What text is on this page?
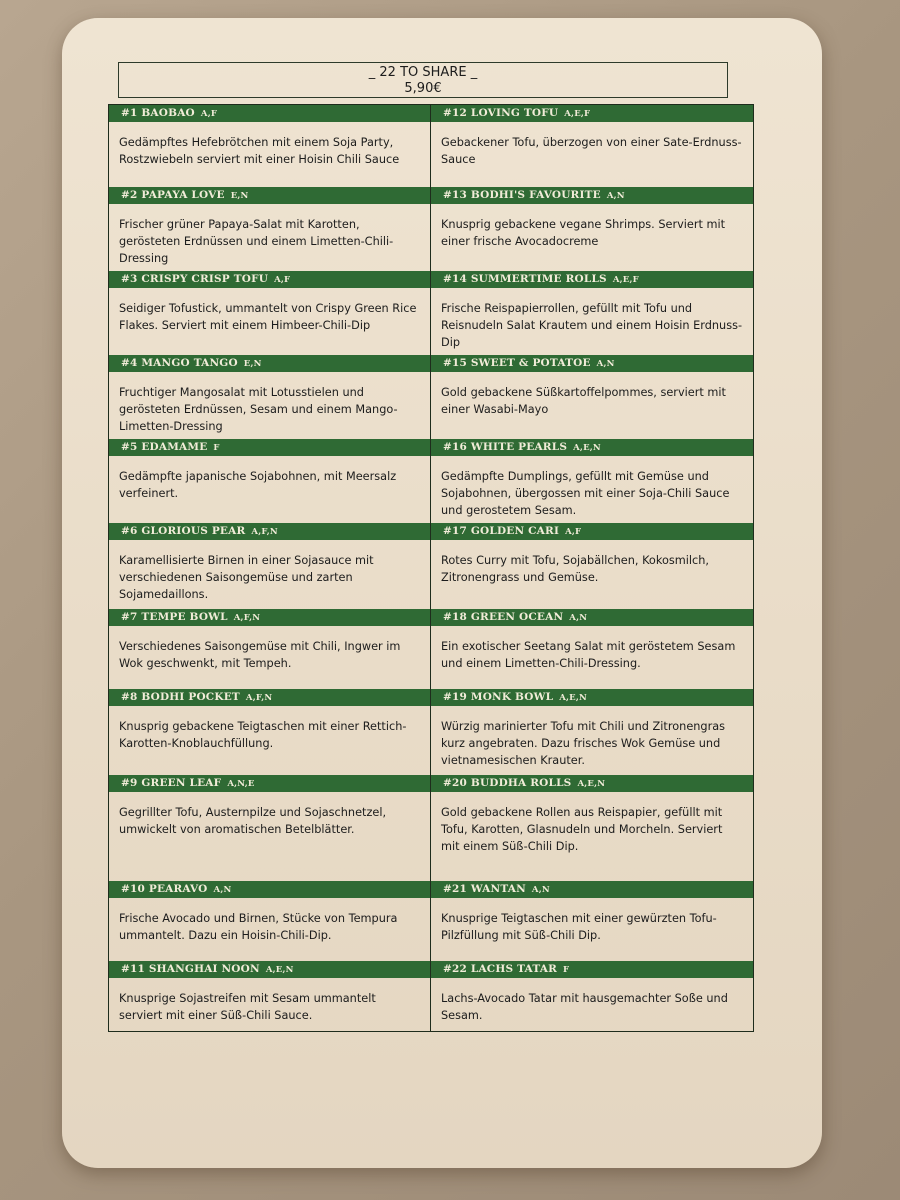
_ 22 TO SHARE _
5,90€
#1 BAOBAO A,F
Gedämpftes Hefebrötchen mit einem Soja Party, Rostzwiebeln serviert mit einer Hoisin Chili Sauce
#12 LOVING TOFU A,E,F
Gebackener Tofu, überzogen von einer Sate-Erdnuss-Sauce
#2 PAPAYA LOVE E,N
Frischer grüner Papaya-Salat mit Karotten, gerösteten Erdnüssen und einem Limetten-Chili-Dressing
#13 BODHI'S FAVOURITE A,N
Knusprig gebackene vegane Shrimps. Serviert mit einer frische Avocadocreme
#3 CRISPY CRISP TOFU A,F
Seidiger Tofustick, ummantelt von Crispy Green Rice Flakes. Serviert mit einem Himbeer-Chili-Dip
#14 SUMMERTIME ROLLS A,E,F
Frische Reispapierrollen, gefüllt mit Tofu und Reisnudeln Salat Krautem und einem Hoisin Erdnuss-Dip
#4 MANGO TANGO E,N
Fruchtiger Mangosalat mit Lotusstielen und gerösteten Erdnüssen, Sesam und einem Mango-Limetten-Dressing
#15 SWEET & POTATOE A,N
Gold gebackene Süßkartoffelpommes, serviert mit einer Wasabi-Mayo
#5 EDAMAME F
Gedämpfte japanische Sojabohnen, mit Meersalz verfeinert.
#16 WHITE PEARLS A,E,N
Gedämpfte Dumplings, gefüllt mit Gemüse und Sojabohnen, übergossen mit einer Soja-Chili Sauce und gerostetem Sesam.
#6 GLORIOUS PEAR A,F,N
Karamellisierte Birnen in einer Sojasauce mit verschiedenen Saisongemüse und zarten Sojamedaillons.
#17 GOLDEN CARI A,F
Rotes Curry mit Tofu, Sojabällchen, Kokosmilch, Zitronengrass und Gemüse.
#7 TEMPE BOWL A,F,N
Verschiedenes Saisongemüse mit Chili, Ingwer im Wok geschwenkt, mit Tempeh.
#18 GREEN OCEAN A,N
Ein exotischer Seetang Salat mit geröstetem Sesam und einem Limetten-Chili-Dressing.
#8 BODHI POCKET A,F,N
Knusprig gebackene Teigtaschen mit einer Rettich-Karotten-Knoblauchfüllung.
#19 MONK BOWL A,E,N
Würzig marinierter Tofu mit Chili und Zitronengras kurz angebraten. Dazu frisches Wok Gemüse und vietnamesischen Krauter.
#9 GREEN LEAF A,N,E
Gegrillter Tofu, Austernpilze und Sojaschnetzel, umwickelt von aromatischen Betelblätter.
#20 BUDDHA ROLLS A,E,N
Gold gebackene Rollen aus Reispapier, gefüllt mit Tofu, Karotten, Glasnudeln und Morcheln. Serviert mit einem Süß-Chili Dip.
#10 PEARAVO A,N
Frische Avocado und Birnen, Stücke von Tempura ummantelt. Dazu ein Hoisin-Chili-Dip.
#21 WANTAN A,N
Knusprige Teigtaschen mit einer gewürzten Tofu-Pilzfüllung mit Süß-Chili Dip.
#11 SHANGHAI NOON A,E,N
Knusprige Sojastreifen mit Sesam ummantelt serviert mit einer Süß-Chili Sauce.
#22 LACHS TATAR F
Lachs-Avocado Tatar mit hausgemachter Soße und Sesam.
